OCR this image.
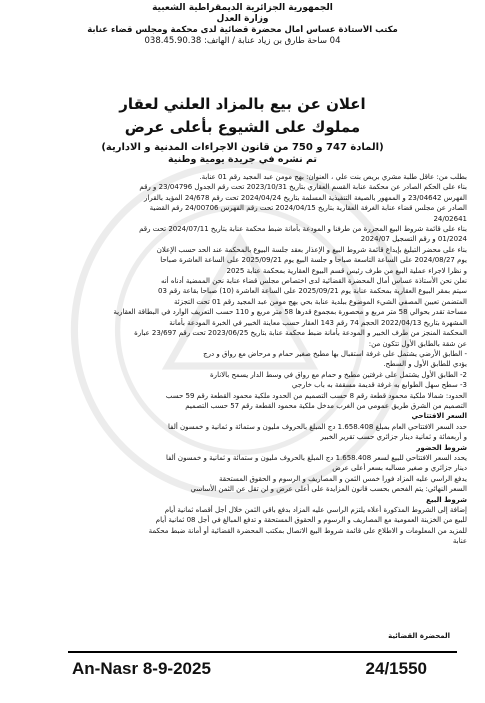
الجمهورية الجزائرية الديمقراطية الشعبية
وزارة العدل
مكتب الأستاذة عساس أمال محضرة قضائية لدى محكمة ومجلس قضاء عنابة
04 ساحة طارق بن زياد عنابة / الهاتف: 038.45.90.38
اعلان عن بيع بالمزاد العلني لعقار
مملوك على الشيوع بأعلى عرض
(المادة 747 و 750 من قانون الاجراءات المدنية و الادارية)
تم نشره في جريدة يومية وطنية

بطلب من: عاقل طلبة مشري بريص بنت علي ، العنوان: بهج مومن عبد المجيد رقم 01 عنابة.

بناء على الحكم الصادر عن محكمة عنابة القسم العقاري بتاريخ 2023/10/31 تحت رقم الجدول 23/04796 و رقم

الفهرس 23/04642 و الممهور بالصيغة التنفيذية المسلمة بتاريخ 2024/04/24 تحت رقم 24/678 المؤيد بالقرار

الصادر عن مجلس قضاء عنابة الغرفة العقارية بتاريخ 2024/04/15 تحت رقم الفهرس 24/00706 رقم القضية

24/02641

بناء على قائمة شروط البيع المحررة من طرفنا و المودعة بأمانة ضبط محكمة عنابة بتاريخ 2024/07/11 تحت رقم

01/2024 و رقم التسجيل 2024/07

بناء على محضر التبليغ بإيداع قائمة شروط البيع و الإعذار بعقد جلسة البيوع بالمحكمة عند الحد حسب الإعلان

يوم 2024/08/27 على الساعة التاسعة صباحا و جلسة البيع يوم 2025/09/21 على الساعة العاشرة صباحا

و نظرا لاجراء عملية البيع من طرف رئيس قسم البيوع العقارية بمحكمة عنابة 2025

نعلن نحن الأستاذة عساس أمال المحضرة القضائية لدى اختصاص مجلس قضاء عنابة نحن الممضية أدناه أنه

سيتم بمقر البيوع العقارية بمحكمة عنابة يوم 2025/09/21 على الساعة العاشرة (10) صباحا بقاعة رقم 03

المتضمن تعيين المصفي الشيء الموضوع ببلدية عنابة بحي بهج مومن عبد المجيد رقم 01 تحت التجزئة

مساحة تقدر بحوالي 58 متر مربع و محصورة بمجموع قدرها 58 متر مربع و 110 حسب التعريف الوارد في البطاقة العقارية

المشهرة بتاريخ 2022/04/13 الحجم 74 رقم 143 العقار حسب معاينة الخبير في الخبرة المودعة بأمانة

المحكمة المنجز من طرف الخبير و المودعة بأمانة ضبط محكمة عنابة بتاريخ 2023/06/25 تحت رقم 23/697 عبارة

عن شقة بالطابق الأول تتكون من:

- الطابق الأرضي يشتمل على غرفة استقبال بها مطبخ صغير حمام و مرحاض مع رواق و درج

يؤدي للطابق الأول و السطح.

2- الطابق الأول يشتمل على غرفتين مطبخ و حمام مع رواق في وسط الدار يسمح بالانارة

3- سطح سهل الطوابع به غرفة قديمة مسقفة به باب خارجي

الحدود: شمالا ملكية محمود قطعة رقم 8 حسب التصميم من الحدود ملكية محمود القطعة رقم 59 حسب

التصميم من الشرق طريق عمومي من الغرب مدخل ملكية محمود القطعة رقم 57 حسب التصميم

السعر الافتتاحي

حدد السعر الافتتاحي العام بمبلغ 1.658.408 دج المبلغ بالحروف مليون و ستمائة و ثمانية و خمسون ألفا

و أربعمائة و ثمانية دينار جزائري حسب تقرير الخبير

شروط الحضور

يحدد السعر الافتتاحي للبيع لسعر 1.658.408 دج المبلغ بالحروف مليون و ستمائة و ثمانية و خمسون ألفا

دينار جزائري و صغير مسالبه بسعر أعلى عرض

يدفع الراسي عليه المزاد فورا خمس الثمن و المصاريف و الرسوم و الحقوق المستحقة

السعر النهائي: يتم الفحص بحسب قانون المزايدة على أعلى عرض و لن تقل عن الثمن الأساسي

شروط البيع

إضافة إلى الشروط المذكورة أعلاه يلتزم الراسي عليه المزاد بدفع باقي الثمن خلال أجل أقصاه ثمانية أيام

للبيع من الخزينة العمومية مع المصاريف و الرسوم و الحقوق المستحقة و تدفع المبالغ في أجل 08 ثمانية أيام

للمزيد من المعلومات و الاطلاع على قائمة شروط البيع الاتصال بمكتب المحضرة القضائية أو أمانة ضبط محكمة

عنابة

المحضرة القضائية
An-Nasr 8-9-2025	24/1550
